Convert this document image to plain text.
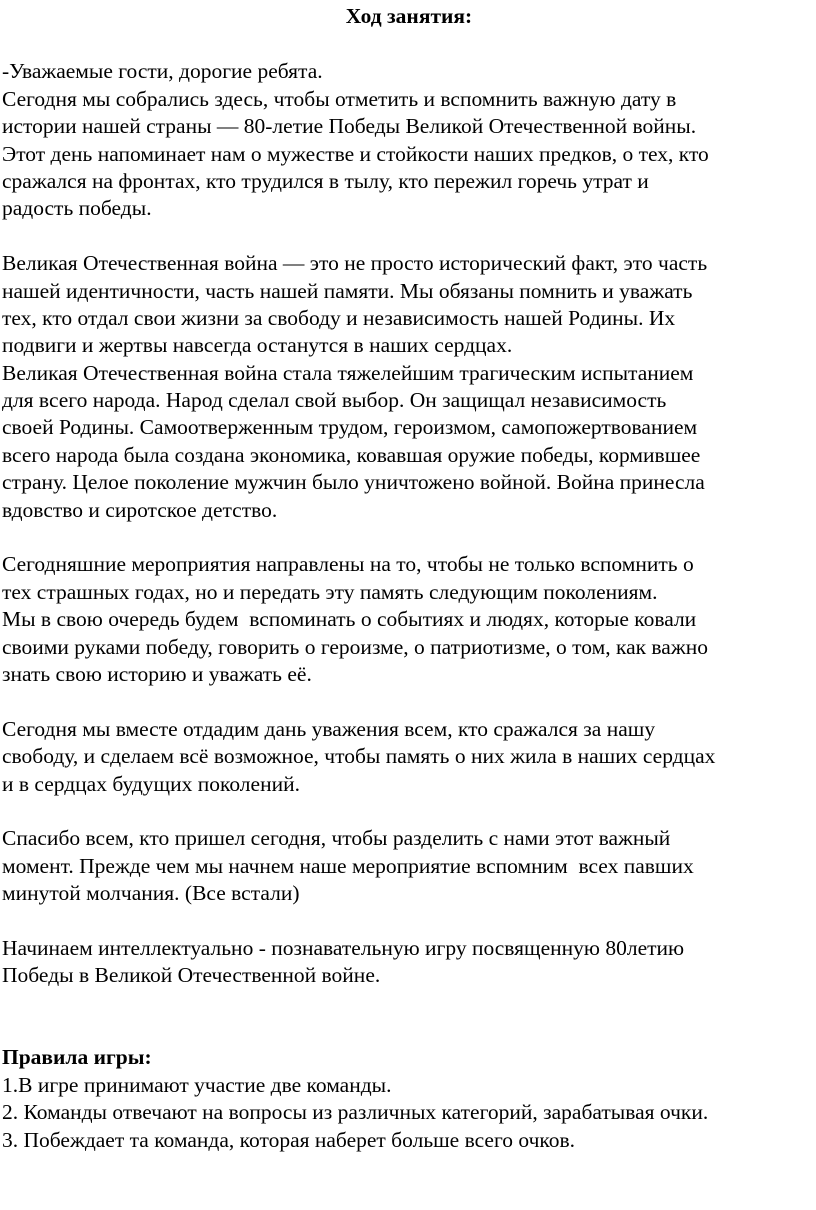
Ход занятия:
-Уважаемые гости, дорогие ребята.
Сегодня мы собрались здесь, чтобы отметить и вспомнить важную дату в
истории нашей страны — 80-летие Победы Великой Отечественной войны.
Этот день напоминает нам о мужестве и стойкости наших предков, о тех, кто
сражался на фронтах, кто трудился в тылу, кто пережил горечь утрат и
радость победы.
Великая Отечественная война — это не просто исторический факт, это часть
нашей идентичности, часть нашей памяти. Мы обязаны помнить и уважать
тех, кто отдал свои жизни за свободу и независимость нашей Родины. Их
подвиги и жертвы навсегда останутся в наших сердцах.
Великая Отечественная война стала тяжелейшим трагическим испытанием
для всего народа. Народ сделал свой выбор. Он защищал независимость
своей Родины. Самоотверженным трудом, героизмом, самопожертвованием
всего народа была создана экономика, ковавшая оружие победы, кормившее
страну. Целое поколение мужчин было уничтожено войной. Война принесла
вдовство и сиротское детство.
Сегодняшние мероприятия направлены на то, чтобы не только вспомнить о
тех страшных годах, но и передать эту память следующим поколениям.
Мы в свою очередь будем  вспоминать о событиях и людях, которые ковали
своими руками победу, говорить о героизме, о патриотизме, о том, как важно
знать свою историю и уважать её.
Сегодня мы вместе отдадим дань уважения всем, кто сражался за нашу
свободу, и сделаем всё возможное, чтобы память о них жила в наших сердцах
и в сердцах будущих поколений.
Спасибо всем, кто пришел сегодня, чтобы разделить с нами этот важный
момент. Прежде чем мы начнем наше мероприятие вспомним  всех павших
минутой молчания. (Все встали)
Начинаем интеллектуально - познавательную игру посвященную 80летию
Победы в Великой Отечественной войне.
Правила игры:
1.В игре принимают участие две команды.
2. Команды отвечают на вопросы из различных категорий, зарабатывая очки.
3. Побеждает та команда, которая наберет больше всего очков.
